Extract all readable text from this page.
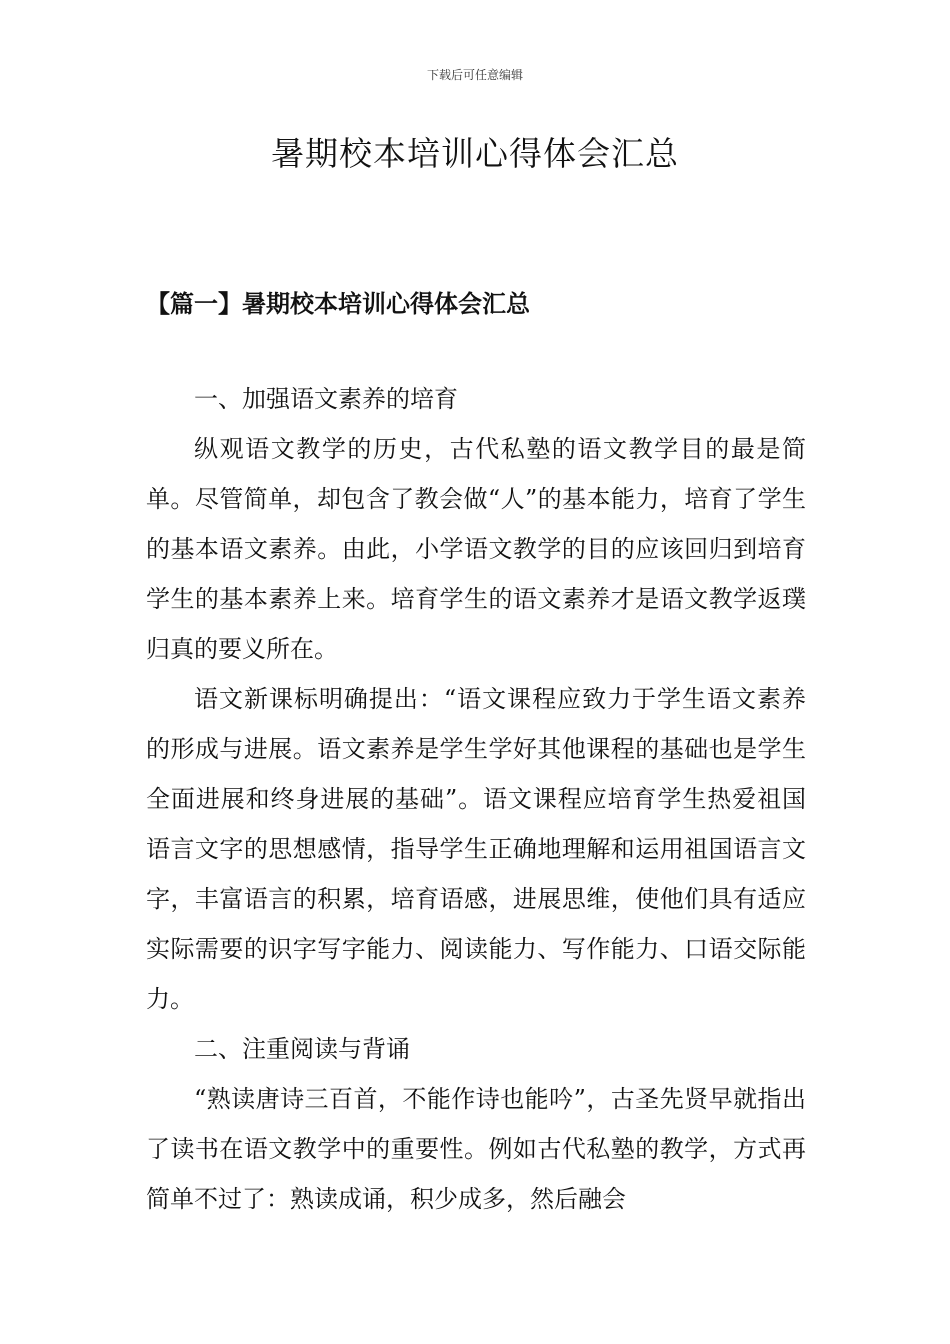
下载后可任意编辑
暑期校本培训心得体会汇总
【篇一】暑期校本培训心得体会汇总

一、加强语文素养的培育

纵观语文教学的历史，古代私塾的语文教学目的最是简单。尽管简单，却包含了教会做“人”的基本能力，培育了学生的基本语文素养。由此，小学语文教学的目的应该回归到培育学生的基本素养上来。培育学生的语文素养才是语文教学返璞归真的要义所在。

语文新课标明确提出：“语文课程应致力于学生语文素养的形成与进展。语文素养是学生学好其他课程的基础也是学生全面进展和终身进展的基础”。语文课程应培育学生热爱祖国语言文字的思想感情，指导学生正确地理解和运用祖国语言文字，丰富语言的积累，培育语感，进展思维，使他们具有适应实际需要的识字写字能力、阅读能力、写作能力、口语交际能力。

二、注重阅读与背诵

“熟读唐诗三百首，不能作诗也能吟”，古圣先贤早就指出了读书在语文教学中的重要性。例如古代私塾的教学，方式再简单不过了：熟读成诵，积少成多，然后融会
